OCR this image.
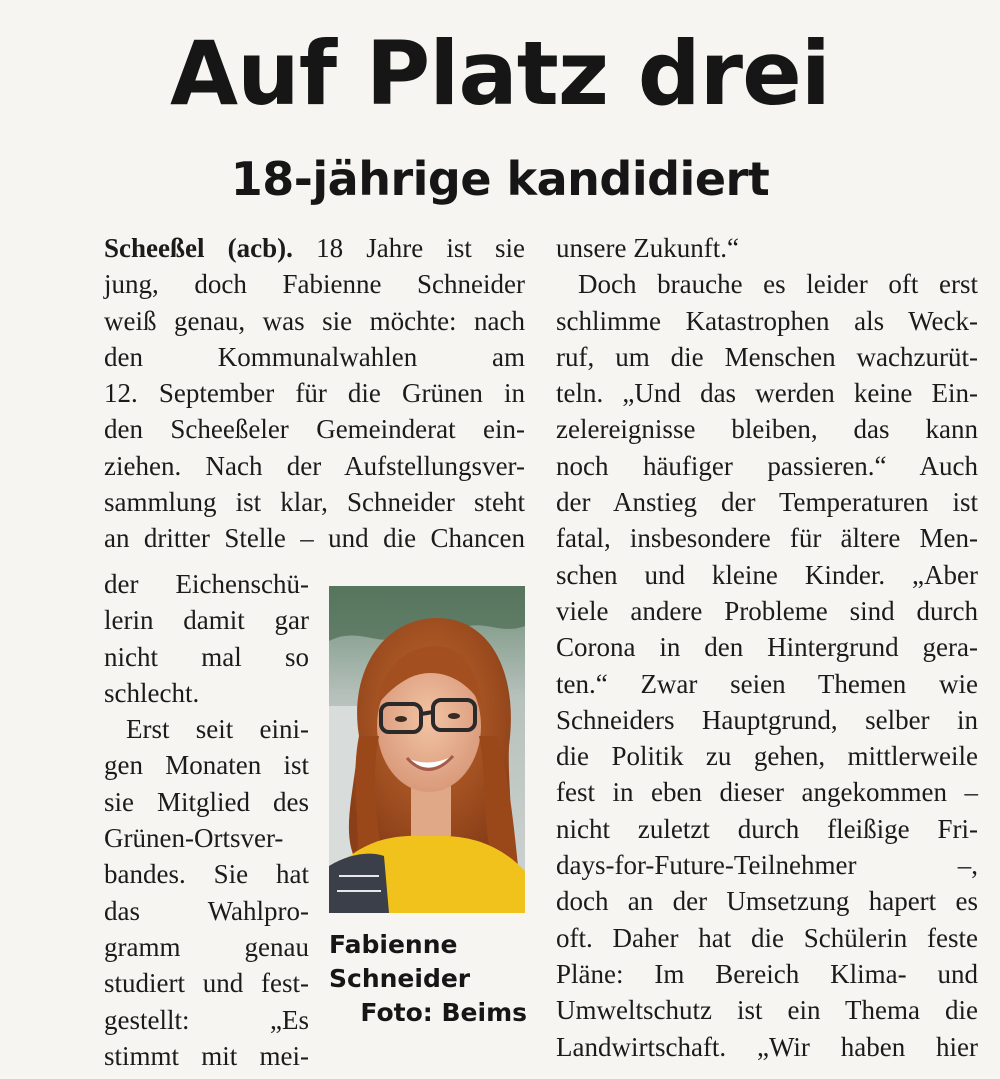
Auf Platz drei
18-jährige kandidiert
Scheeßel (acb). 18 Jahre ist sie
jung, doch Fabienne Schneider
weiß genau, was sie möchte: nach
den Kommunalwahlen am
12. September für die Grünen in
den Scheeßeler Gemeinderat ein-
ziehen. Nach der Aufstellungsver-
sammlung ist klar, Schneider steht
an dritter Stelle – und die Chancen
der Eichenschü-
lerin damit gar
nicht mal so
schlecht.
Erst seit eini-
gen Monaten ist
sie Mitglied des
Grünen-Ortsver-
bandes. Sie hat
das Wahlpro-
gramm genau
studiert und fest-
gestellt: „Es
stimmt mit mei-
Fabienne
Schneider
Foto: Beims
unsere Zukunft.“
Doch brauche es leider oft erst
schlimme Katastrophen als Weck-
ruf, um die Menschen wachzurüt-
teln. „Und das werden keine Ein-
zelereignisse bleiben, das kann
noch häufiger passieren.“ Auch
der Anstieg der Temperaturen ist
fatal, insbesondere für ältere Men-
schen und kleine Kinder. „Aber
viele andere Probleme sind durch
Corona in den Hintergrund gera-
ten.“ Zwar seien Themen wie
Schneiders Hauptgrund, selber in
die Politik zu gehen, mittlerweile
fest in eben dieser angekommen –
nicht zuletzt durch fleißige Fri-
days-for-Future-Teilnehmer –,
doch an der Umsetzung hapert es
oft. Daher hat die Schülerin feste
Pläne: Im Bereich Klima- und
Umweltschutz ist ein Thema die
Landwirtschaft. „Wir haben hier
